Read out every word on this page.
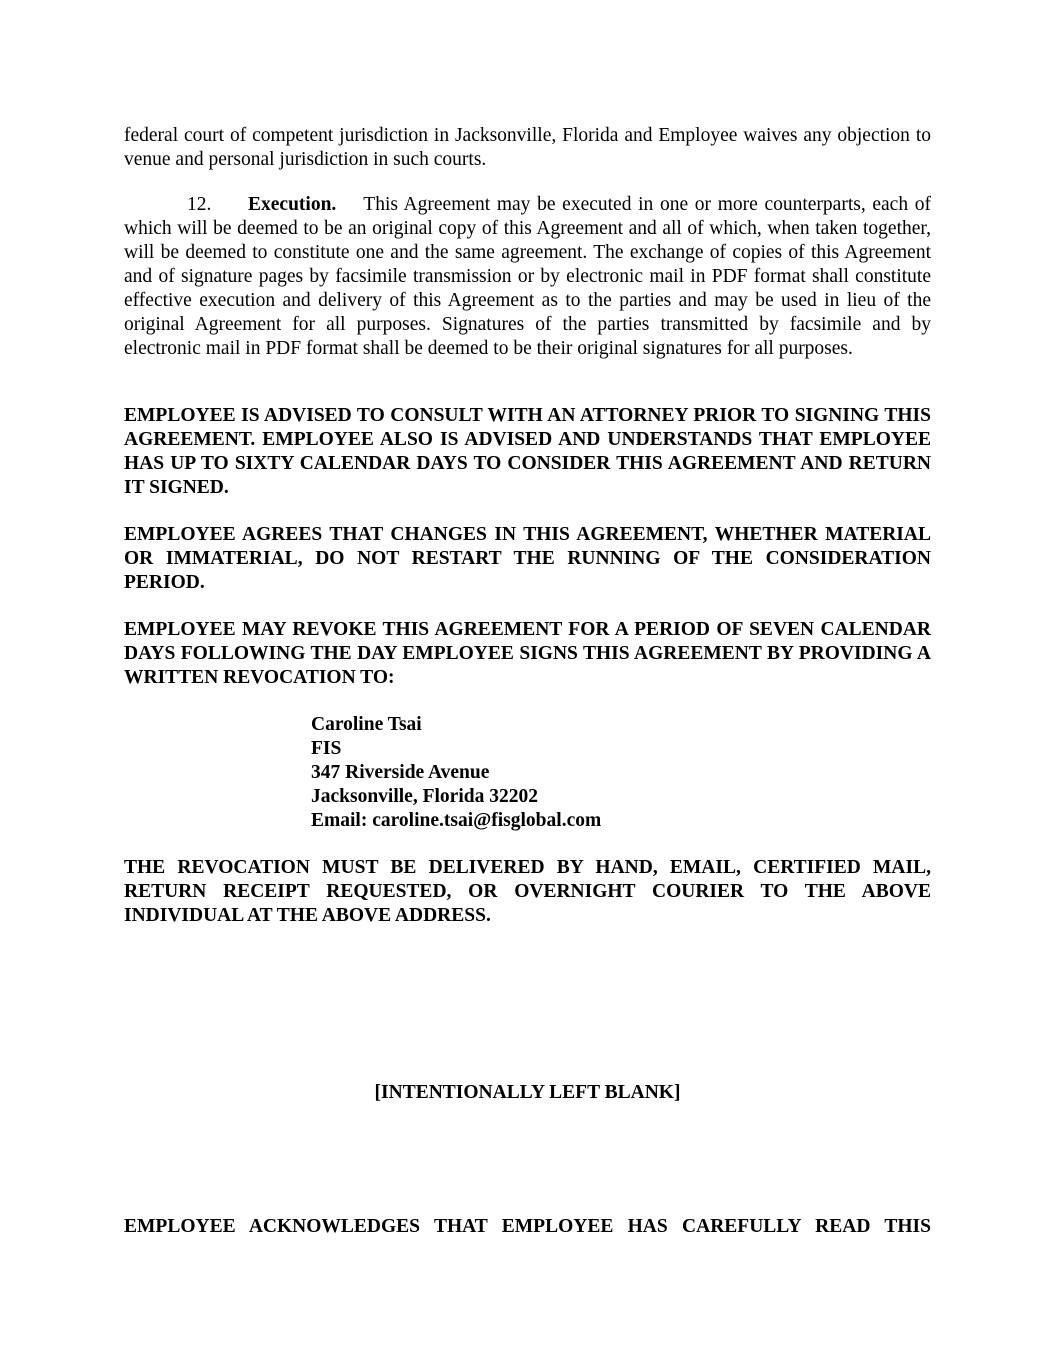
federal court of competent jurisdiction in Jacksonville, Florida and Employee waives any objection to venue and personal jurisdiction in such courts.

12. Execution. This Agreement may be executed in one or more counterparts, each of which will be deemed to be an original copy of this Agreement and all of which, when taken together, will be deemed to constitute one and the same agreement. The exchange of copies of this Agreement and of signature pages by facsimile transmission or by electronic mail in PDF format shall constitute effective execution and delivery of this Agreement as to the parties and may be used in lieu of the original Agreement for all purposes. Signatures of the parties transmitted by facsimile and by electronic mail in PDF format shall be deemed to be their original signatures for all purposes.

EMPLOYEE IS ADVISED TO CONSULT WITH AN ATTORNEY PRIOR TO SIGNING THIS AGREEMENT. EMPLOYEE ALSO IS ADVISED AND UNDERSTANDS THAT EMPLOYEE HAS UP TO SIXTY CALENDAR DAYS TO CONSIDER THIS AGREEMENT AND RETURN IT SIGNED.

EMPLOYEE AGREES THAT CHANGES IN THIS AGREEMENT, WHETHER MATERIAL OR IMMATERIAL, DO NOT RESTART THE RUNNING OF THE CONSIDERATION PERIOD.

EMPLOYEE MAY REVOKE THIS AGREEMENT FOR A PERIOD OF SEVEN CALENDAR DAYS FOLLOWING THE DAY EMPLOYEE SIGNS THIS AGREEMENT BY PROVIDING A WRITTEN REVOCATION TO:

Caroline Tsai
FIS
347 Riverside Avenue
Jacksonville, Florida 32202
Email: caroline.tsai@fisglobal.com

THE REVOCATION MUST BE DELIVERED BY HAND, EMAIL, CERTIFIED MAIL, RETURN RECEIPT REQUESTED, OR OVERNIGHT COURIER TO THE ABOVE INDIVIDUAL AT THE ABOVE ADDRESS.

[INTENTIONALLY LEFT BLANK]

EMPLOYEE ACKNOWLEDGES THAT EMPLOYEE HAS CAREFULLY READ THIS
